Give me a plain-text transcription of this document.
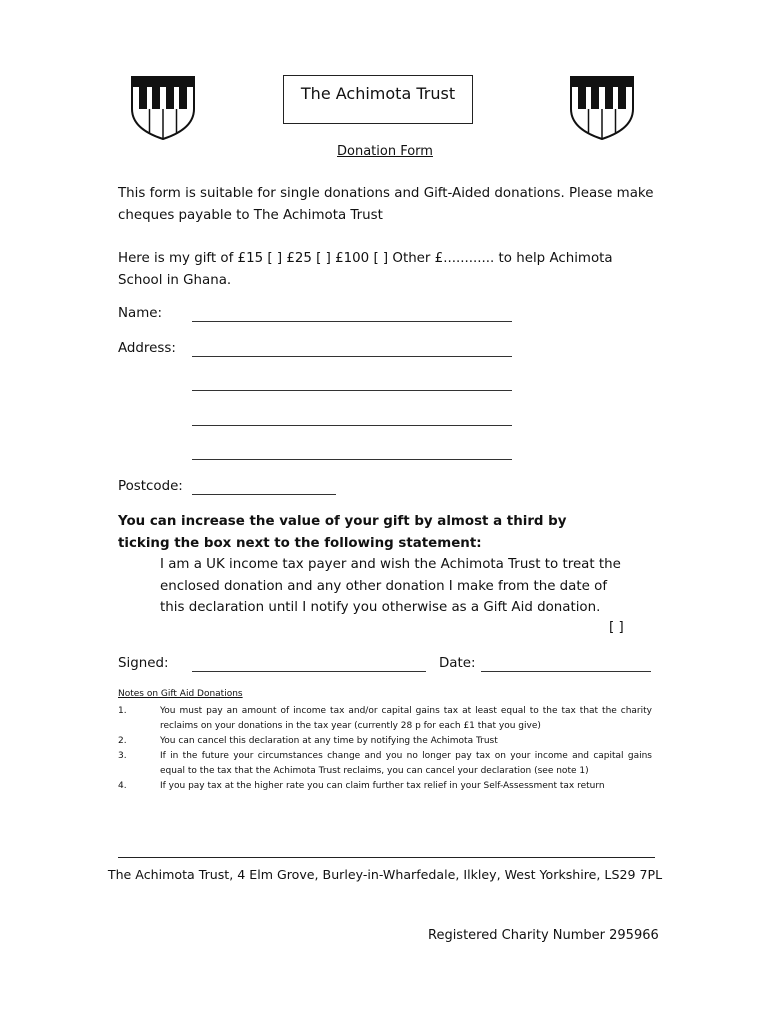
The Achimota Trust
Donation Form
This form is suitable for single donations and Gift-Aided donations. Please make cheques payable to The Achimota Trust
Here is my gift of £15 [ ] £25 [ ] £100 [ ] Other £............ to help Achimota School in Ghana.
Name:
Address:
Postcode:
You can increase the value of your gift by almost a third by ticking the box next to the following statement:
I am a UK income tax payer and wish the Achimota Trust to treat the enclosed donation and any other donation I make from the date of this declaration until I notify you otherwise as a Gift Aid donation.
[ ]
Signed:	Date:
Notes on Gift Aid Donations
1.	You must pay an amount of income tax and/or capital gains tax at least equal to the tax that the charity reclaims on your donations in the tax year (currently 28 p for each £1 that you give)
2.	You can cancel this declaration at any time by notifying the Achimota Trust
3.	If in the future your circumstances change and you no longer pay tax on your income and capital gains equal to the tax that the Achimota Trust reclaims, you can cancel your declaration (see note 1)
4.	If you pay tax at the higher rate you can claim further tax relief in your Self-Assessment tax return
The Achimota Trust, 4 Elm Grove, Burley-in-Wharfedale, Ilkley, West Yorkshire, LS29 7PL
Registered Charity Number 295966
